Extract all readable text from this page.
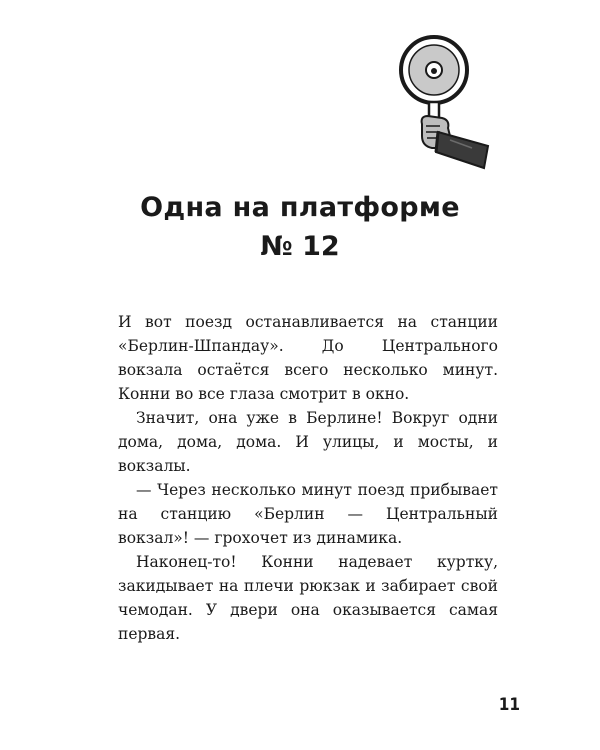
Одна на платформе
№ 12

И вот поезд останавливается на станции «Берлин-Шпандау». До Центрального вокзала остаётся всего несколько минут. Конни во все глаза смотрит в окно.

Значит, она уже в Берлине! Вокруг одни дома, дома, дома. И улицы, и мосты, и вокзалы.

— Через несколько минут поезд прибывает на станцию «Берлин — Центральный вокзал»! — грохочет из динамика.

Наконец-то! Конни надевает куртку, закидывает на плечи рюкзак и забирает свой чемодан. У двери она оказывается самая первая.

11
